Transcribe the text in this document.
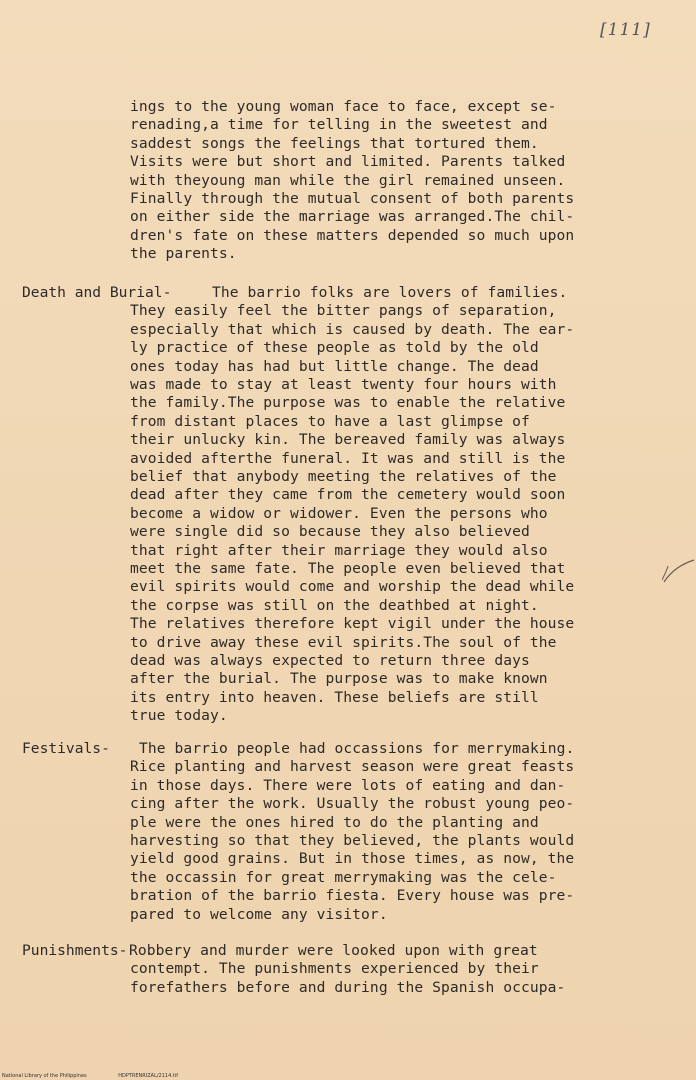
[111]
ings to the young woman face to face, except se-
renading,a time for telling in the sweetest and
saddest songs the feelings that tortured them.
Visits were but short and limited. Parents talked
with theyoung man while the girl remained unseen.
Finally through the mutual consent of both parents
on either side the marriage was arranged.The chil-
dren's fate on these matters depended so much upon
the parents.
Death and Burial-	The barrio folks are lovers of families.
They easily feel the bitter pangs of separation,
especially that which is caused by death. The ear-
ly practice of these people as told by the old
ones today has had but little change. The dead
was made to stay at least twenty four hours with
the family.The purpose was to enable the relative
from distant places to have a last glimpse of
their unlucky kin. The bereaved family was always
avoided afterthe funeral. It was and still is the
belief that anybody meeting the relatives of the
dead after they came from the cemetery would soon
become a widow or widower. Even the persons who
were single did so because they also believed
that right after their marriage they would also
meet the same fate. The people even believed that
evil spirits would come and worship the dead while
the corpse was still on the deathbed at night.
The relatives therefore kept vigil under the house
to drive away these evil spirits.The soul of the
dead was always expected to return three days
after the burial. The purpose was to make known
its entry into heaven. These beliefs are still
true today.
Festivals- The barrio people had occassions for merrymaking.
Rice planting and harvest season were great feasts
in those days. There were lots of eating and dan-
cing after the work. Usually the robust young peo-
ple were the ones hired to do the planting and
harvesting so that they believed, the plants would
yield good grains. But in those times, as now, the
the occassin for great merrymaking was the cele-
bration of the barrio fiesta. Every house was pre-
pared to welcome any visitor.
Punishments- Robbery and murder were looked upon with great
contempt. The punishments experienced by their
forefathers before and during the Spanish occupa-
National Library of the Philippines	HDPTRENRIZAL/2114.tif
